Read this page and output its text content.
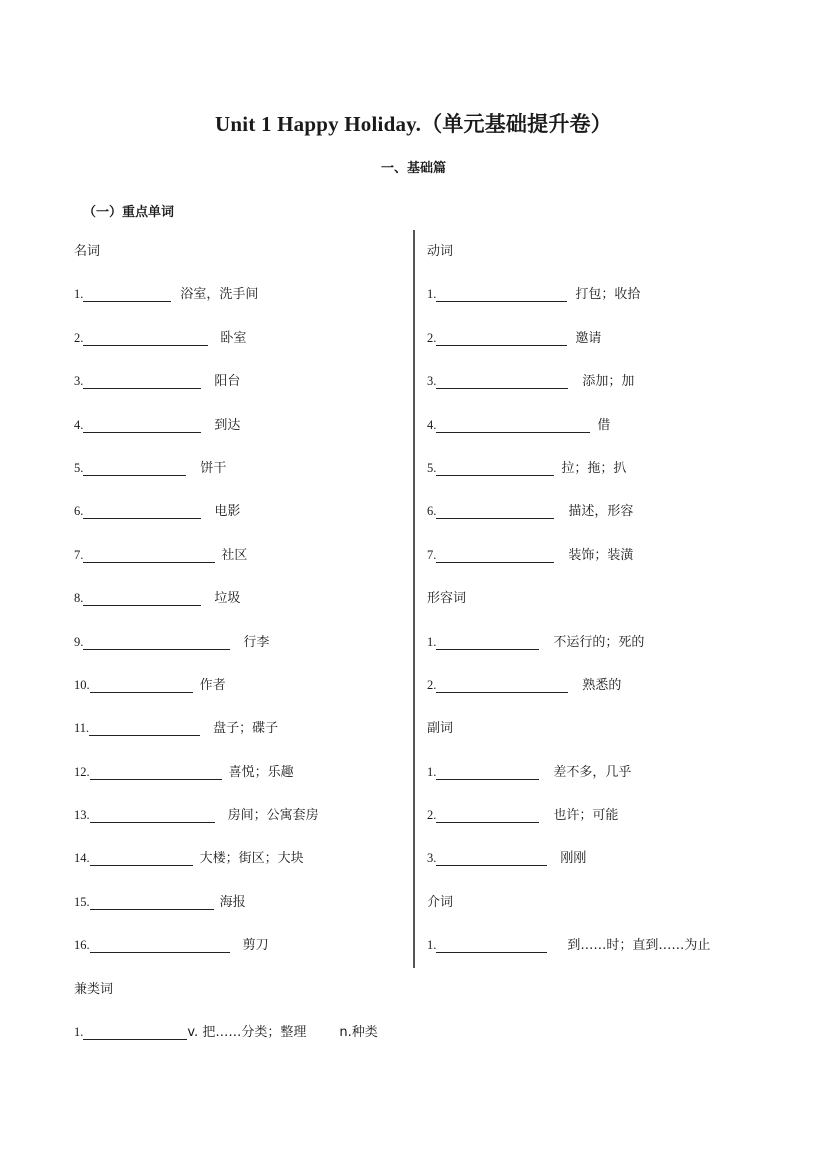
Unit 1 Happy Holiday.（单元基础提升卷）
一、基础篇
（一）重点单词
名词
1.	浴室，洗手间
2.	卧室
3.	阳台
4.	到达
5.	饼干
6.	电影
7.	社区
8.	垃圾
9.	行李
10.	作者
11.	盘子；碟子
12.	喜悦；乐趣
13.	房间；公寓套房
14.	大楼；街区；大块
15.	海报
16.	剪刀
动词
1.	打包；收拾
2.	邀请
3.	添加；加
4.	借
5.	拉；拖；扒
6.	描述，形容
7.	装饰；装潢
形容词
1.	不运行的；死的
2.	熟悉的
副词
1.	差不多，几乎
2.	也许；可能
3.	刚刚
介词
1.	到……时；直到……为止
兼类词
1.	v. 把……分类；整理        n.种类
